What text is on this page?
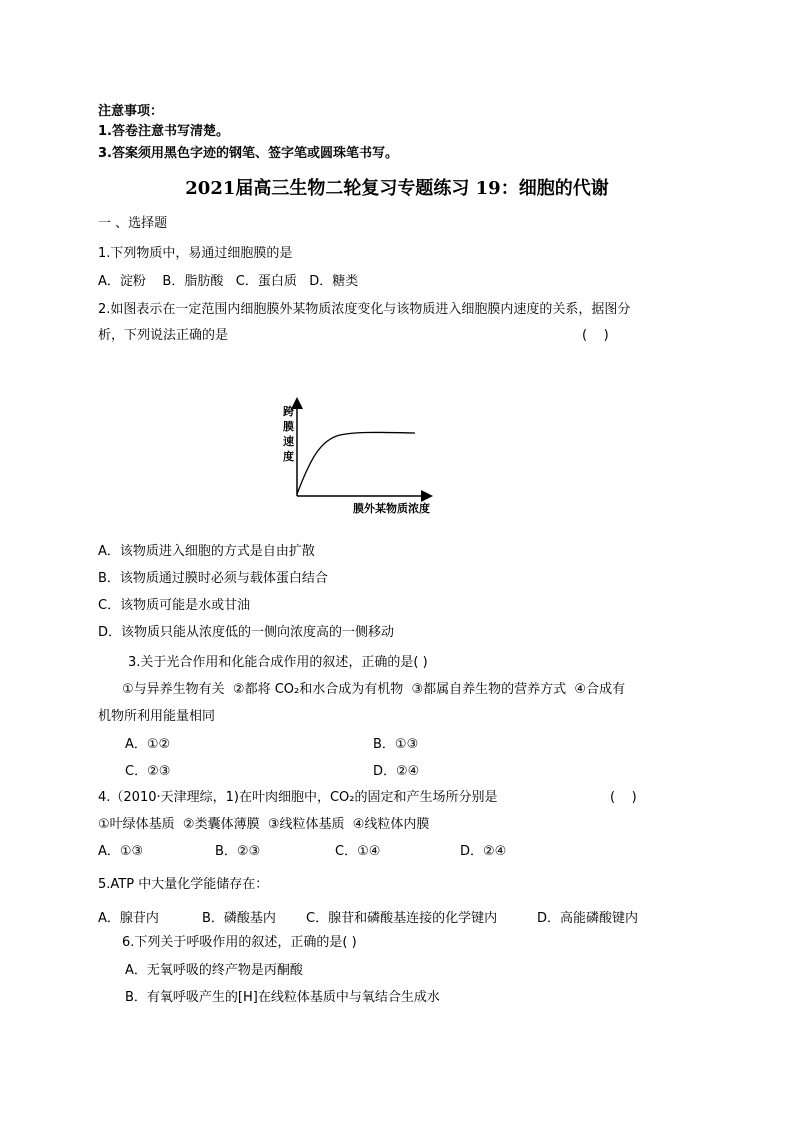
注意事项：
1.答卷注意书写清楚。
3.答案须用黑色字迹的钢笔、签字笔或圆珠笔书写。
2021届高三生物二轮复习专题练习 19：细胞的代谢
一 、选择题
1.下列物质中，易通过细胞膜的是
A．淀粉    B．脂肪酸   C．蛋白质   D．糖类
2.如图表示在一定范围内细胞膜外某物质浓度变化与该物质进入细胞膜内速度的关系，据图分
析，下列说法正确的是	(    )
跨
膜
速
度
膜外某物质浓度
A．该物质进入细胞的方式是自由扩散
B．该物质通过膜时必须与载体蛋白结合
C．该物质可能是水或甘油
D．该物质只能从浓度低的一侧向浓度高的一侧移动
3.关于光合作用和化能合成作用的叙述，正确的是( )
①与异养生物有关  ②都将 CO₂和水合成为有机物  ③都属自养生物的营养方式  ④合成有
机物所利用能量相同
A．①②	B．①③
C．②③	D．②④
4.（2010·天津理综，1)在叶肉细胞中，CO₂的固定和产生场所分别是	(    )
①叶绿体基质  ②类囊体薄膜  ③线粒体基质  ④线粒体内膜
A．①③	B．②③	C．①④	D．②④
5.ATP 中大量化学能储存在：
A．腺苷内	B．磷酸基内 C．腺苷和磷酸基连接的化学键内	D．高能磷酸键内
6.下列关于呼吸作用的叙述，正确的是( )
A．无氧呼吸的终产物是丙酮酸
B．有氧呼吸产生的[H]在线粒体基质中与氧结合生成水
